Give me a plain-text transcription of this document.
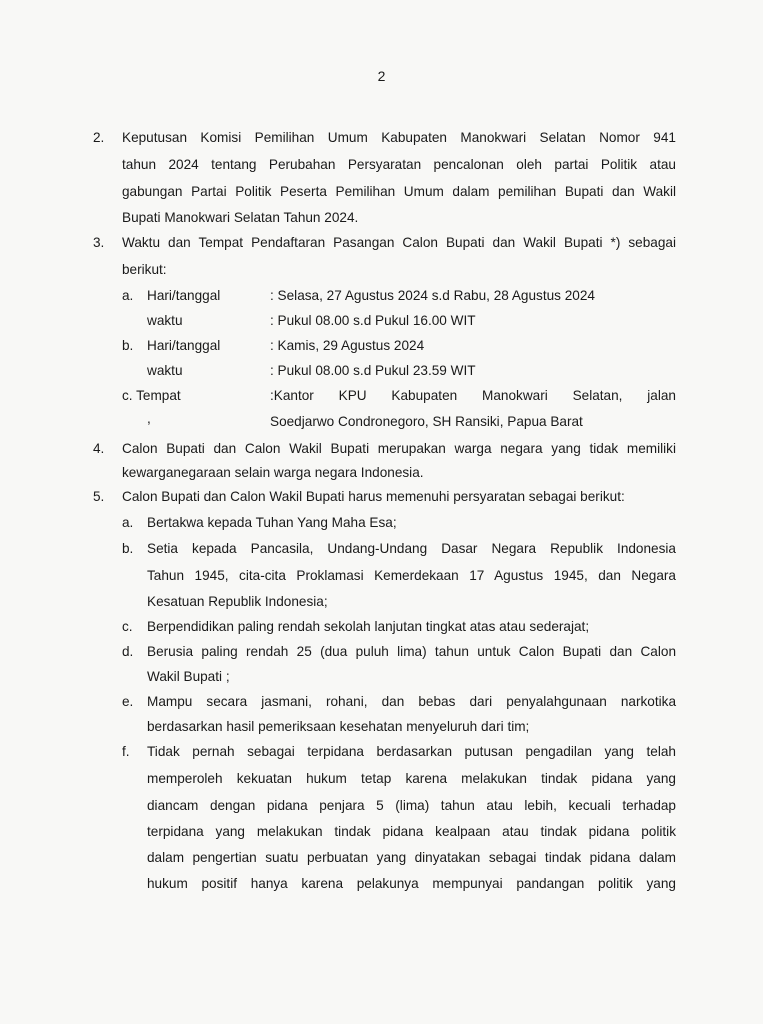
2
2. Keputusan Komisi Pemilihan Umum Kabupaten Manokwari Selatan Nomor 941
tahun 2024 tentang Perubahan Persyaratan pencalonan oleh partai Politik atau
gabungan Partai Politik Peserta Pemilihan Umum dalam pemilihan Bupati dan Wakil
Bupati Manokwari Selatan Tahun 2024.
3. Waktu dan Tempat Pendaftaran Pasangan Calon Bupati dan Wakil Bupati *) sebagai
berikut:
a. Hari/tanggal	: Selasa, 27 Agustus 2024 s.d Rabu, 28 Agustus 2024
waktu	: Pukul 08.00 s.d Pukul 16.00 WIT
b. Hari/tanggal	: Kamis, 29 Agustus 2024
waktu	: Pukul 08.00 s.d Pukul 23.59 WIT
c. Tempat	:Kantor KPU Kabupaten Manokwari Selatan, jalan
,	Soedjarwo Condronegoro, SH Ransiki, Papua Barat
4. Calon Bupati dan Calon Wakil Bupati merupakan warga negara yang tidak memiliki
kewarganegaraan selain warga negara Indonesia.
5. Calon Bupati dan Calon Wakil Bupati harus memenuhi persyaratan sebagai berikut:
a. Bertakwa kepada Tuhan Yang Maha Esa;
b. Setia kepada Pancasila, Undang-Undang Dasar Negara Republik Indonesia
Tahun 1945, cita-cita Proklamasi Kemerdekaan 17 Agustus 1945, dan Negara
Kesatuan Republik Indonesia;
c. Berpendidikan paling rendah sekolah lanjutan tingkat atas atau sederajat;
d. Berusia paling rendah 25 (dua puluh lima) tahun untuk Calon Bupati dan Calon
Wakil Bupati ;
e. Mampu secara jasmani, rohani, dan bebas dari penyalahgunaan narkotika
berdasarkan hasil pemeriksaan kesehatan menyeluruh dari tim;
f. Tidak pernah sebagai terpidana berdasarkan putusan pengadilan yang telah
memperoleh kekuatan hukum tetap karena melakukan tindak pidana yang
diancam dengan pidana penjara 5 (lima) tahun atau lebih, kecuali terhadap
terpidana yang melakukan tindak pidana kealpaan atau tindak pidana politik
dalam pengertian suatu perbuatan yang dinyatakan sebagai tindak pidana dalam
hukum positif hanya karena pelakunya mempunyai pandangan politik yang
